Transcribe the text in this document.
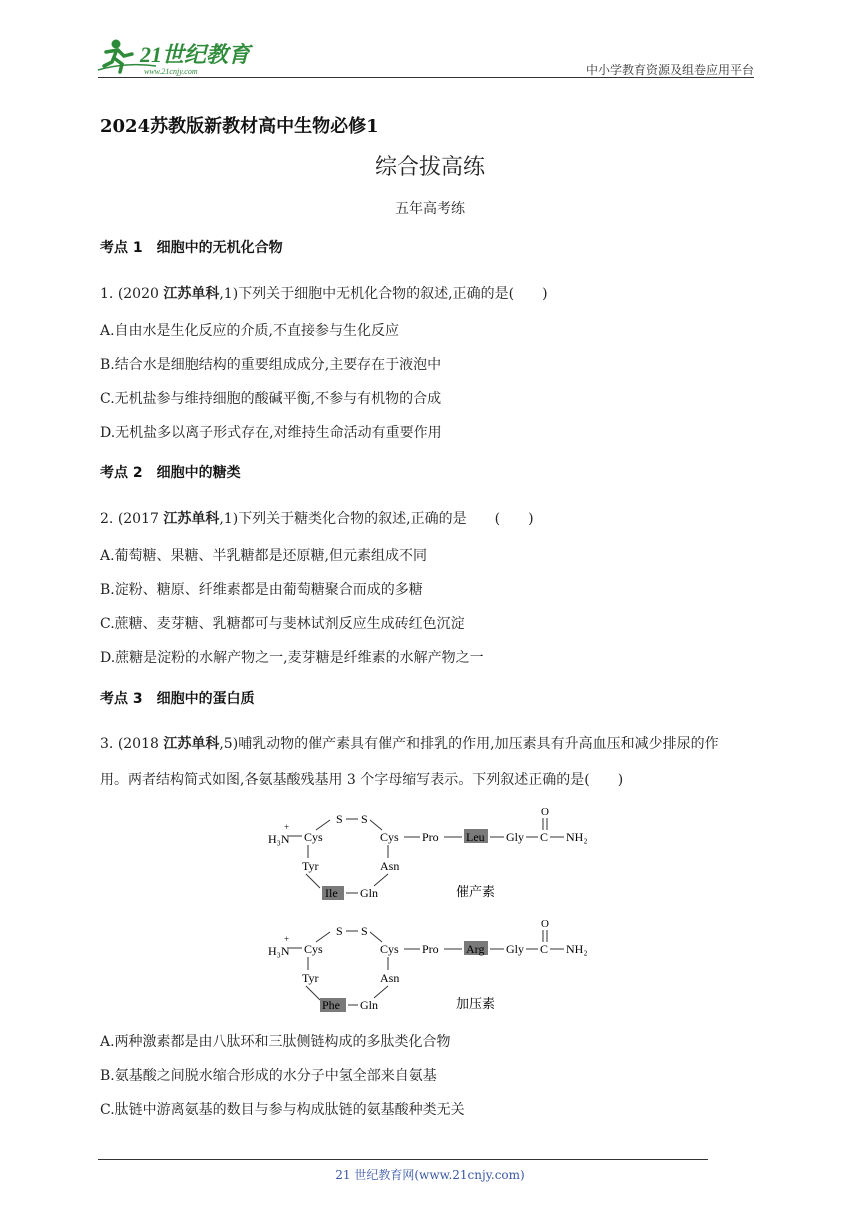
21世纪教育
www.21cnjy.com	中小学教育资源及组卷应用平台
2024苏教版新教材高中生物必修1
综合拔高练
五年高考练
考点 1　细胞中的无机化合物
1. (2020 江苏单科,1)下列关于细胞中无机化合物的叙述,正确的是(　　)
A.自由水是生化反应的介质,不直接参与生化反应
B.结合水是细胞结构的重要组成成分,主要存在于液泡中
C.无机盐参与维持细胞的酸碱平衡,不参与有机物的合成
D.无机盐多以离子形式存在,对维持生命活动有重要作用
考点 2　细胞中的糖类
2. (2017 江苏单科,1)下列关于糖类化合物的叙述,正确的是　　(　　)
A.葡萄糖、果糖、半乳糖都是还原糖,但元素组成不同
B.淀粉、糖原、纤维素都是由葡萄糖聚合而成的多糖
C.蔗糖、麦芽糖、乳糖都可与斐林试剂反应生成砖红色沉淀
D.蔗糖是淀粉的水解产物之一,麦芽糖是纤维素的水解产物之一
考点 3　细胞中的蛋白质
3. (2018 江苏单科,5)哺乳动物的催产素具有催产和排乳的作用,加压素具有升高血压和减少排尿的作
用。两者结构简式如图,各氨基酸残基用 3 个字母缩写表示。下列叙述正确的是(　　)
H₃N
+
Cys
S S
Cys Pro Leu Gly C
O
NH₂
Tyr	Asn
Ile Gln	催产素
H₃N
+
Cys
S S
Cys Pro Arg Gly C
O
NH₂
Tyr	Asn
Phe Gln	加压素
A.两种激素都是由八肽环和三肽侧链构成的多肽类化合物
B.氨基酸之间脱水缩合形成的水分子中氢全部来自氨基
C.肽链中游离氨基的数目与参与构成肽链的氨基酸种类无关
21 世纪教育网(www.21cnjy.com)
